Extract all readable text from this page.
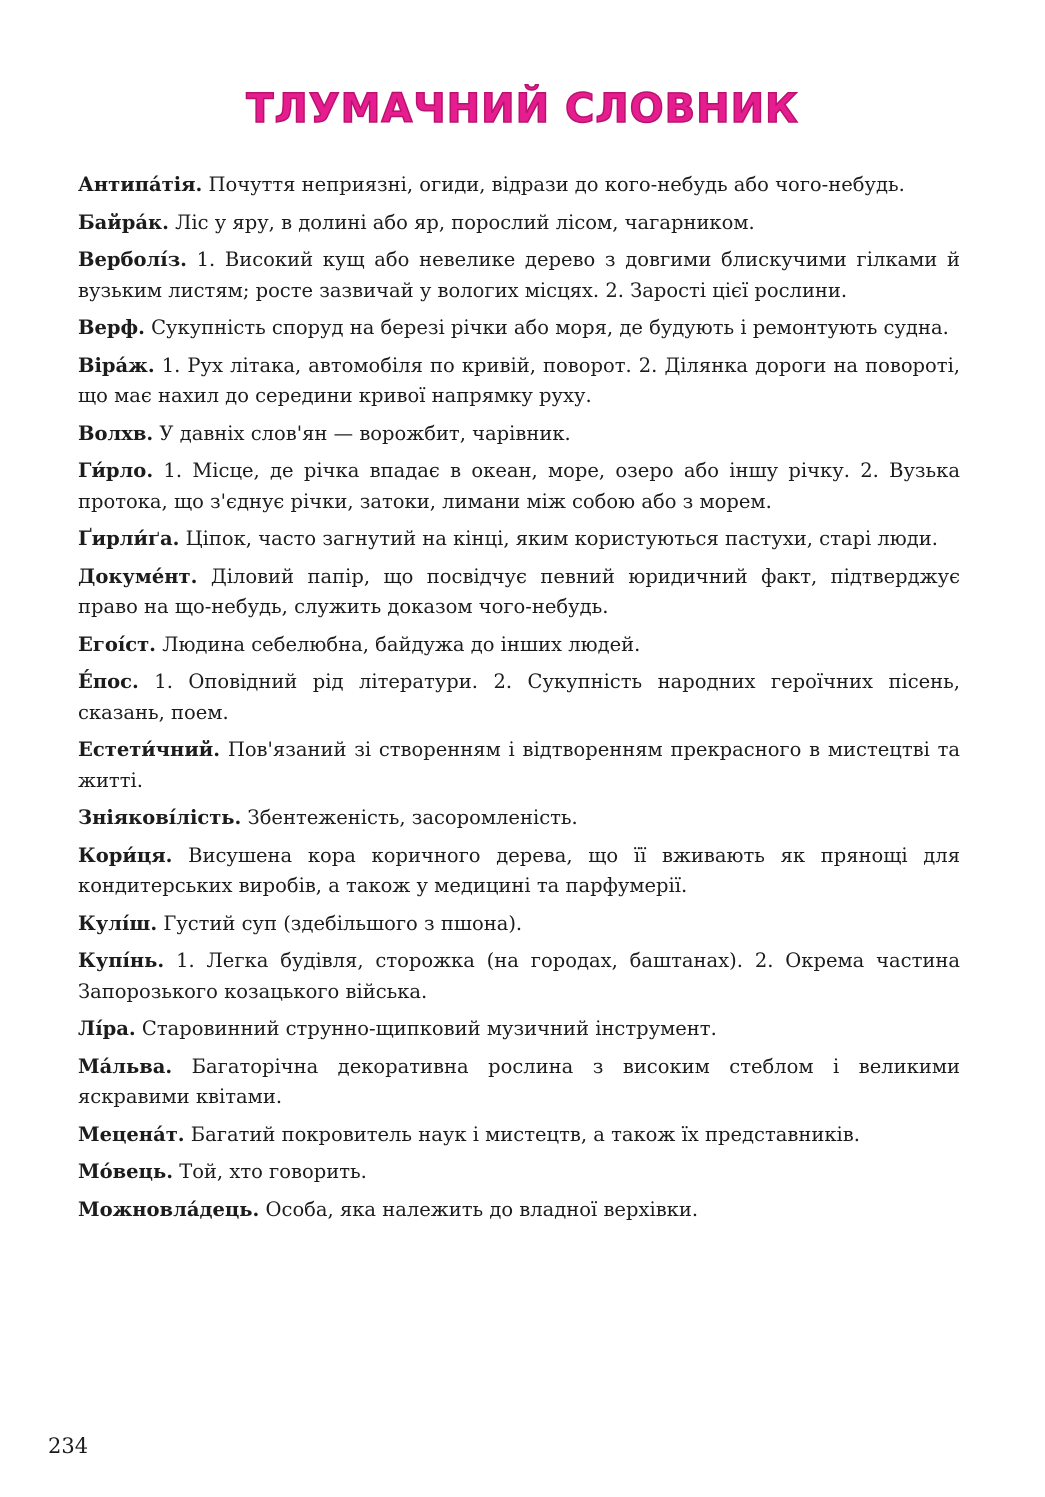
ТЛУМАЧНИЙ СЛОВНИК

Антипа́тія. Почуття неприязні, огиди, відрази до кого-небудь або чого-небудь.

Байра́к. Ліс у яру, в долині або яр, порослий лісом, чагарником.

Верболі́з. 1. Високий кущ або невелике дерево з довгими блискучими гілками й вузьким листям; росте зазвичай у вологих місцях. 2. Зарості цієї рослини.

Верф. Сукупність споруд на березі річки або моря, де будують і ремонтують судна.

Віра́ж. 1. Рух літака, автомобіля по кривій, поворот. 2. Ділянка дороги на повороті, що має нахил до середини кривої напрямку руху.

Волхв. У давніх слов'ян — ворожбит, чарівник.

Ги́рло. 1. Місце, де річка впадає в океан, море, озеро або іншу річку. 2. Вузька протока, що з'єднує річки, затоки, лимани між собою або з морем.

Ґирли́ґа. Ціпок, часто загнутий на кінці, яким користуються пастухи, старі люди.

Докуме́нт. Діловий папір, що посвідчує певний юридичний факт, підтверджує право на що-небудь, служить доказом чого-небудь.

Егоі́ст. Людина себелюбна, байдужа до інших людей.

Е́пос. 1. Оповідний рід літератури. 2. Сукупність народних героїчних пісень, сказань, поем.

Естети́чний. Пов'язаний зі створенням і відтворенням прекрасного в мистецтві та житті.

Зніякові́лість. Збентеженість, засоромленість.

Кори́ця. Висушена кора коричного дерева, що її вживають як прянощі для кондитерських виробів, а також у медицині та парфумерії.

Кулі́ш. Густий суп (здебільшого з пшона).

Купі́нь. 1. Легка будівля, сторожка (на городах, баштанах). 2. Окрема частина Запорозького козацького війська.

Лі́ра. Старовинний струнно-щипковий музичний інструмент.

Ма́льва. Багаторічна декоративна рослина з високим стеблом і великими яскравими квітами.

Мецена́т. Багатий покровитель наук і мистецтв, а також їх представників.

Мо́вець. Той, хто говорить.

Можновла́дець. Особа, яка належить до владної верхівки.

234
